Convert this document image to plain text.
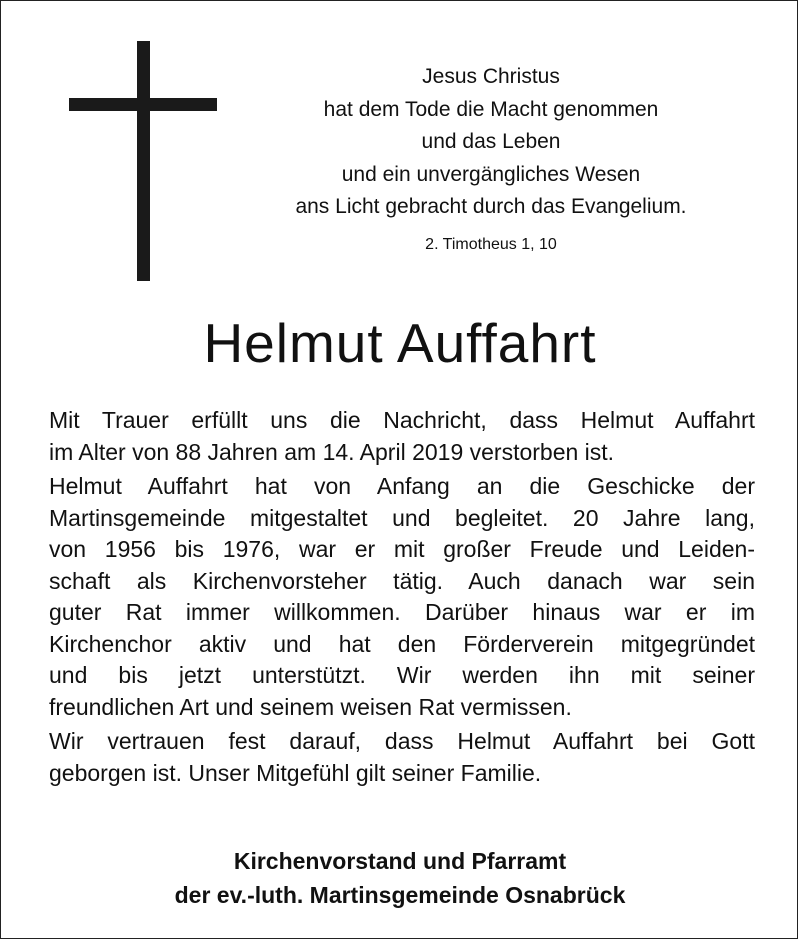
Jesus Christus
hat dem Tode die Macht genommen
und das Leben
und ein unvergängliches Wesen
ans Licht gebracht durch das Evangelium.
2. Timotheus 1, 10
Helmut Auffahrt
Mit Trauer erfüllt uns die Nachricht, dass Helmut Auffahrt
im Alter von 88 Jahren am 14. April 2019 verstorben ist.
Helmut Auffahrt hat von Anfang an die Geschicke der
Martinsgemeinde mitgestaltet und begleitet. 20 Jahre lang,
von 1956 bis 1976, war er mit großer Freude und Leiden-
schaft als Kirchenvorsteher tätig. Auch danach war sein
guter Rat immer willkommen. Darüber hinaus war er im
Kirchenchor aktiv und hat den Förderverein mitgegründet
und bis jetzt unterstützt. Wir werden ihn mit seiner
freundlichen Art und seinem weisen Rat vermissen.
Wir vertrauen fest darauf, dass Helmut Auffahrt bei Gott
geborgen ist. Unser Mitgefühl gilt seiner Familie.
Kirchenvorstand und Pfarramt
der ev.-luth. Martinsgemeinde Osnabrück
